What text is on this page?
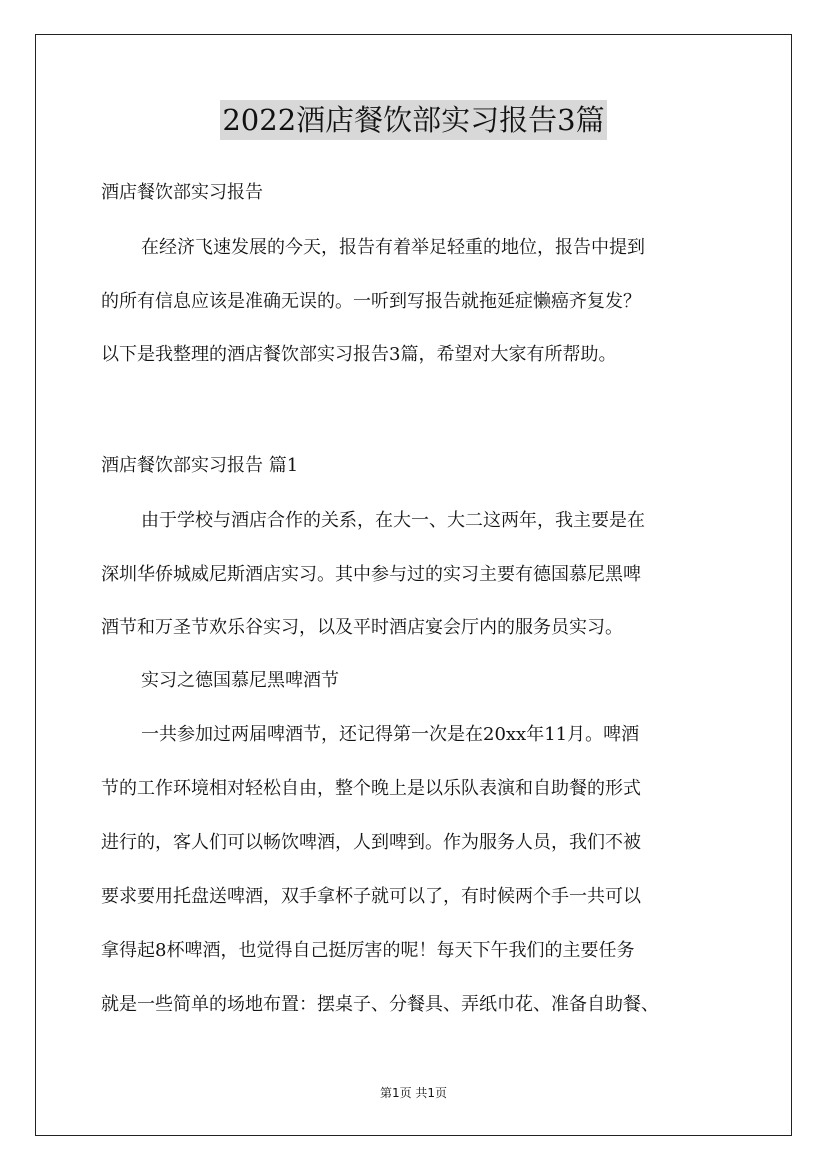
2022酒店餐饮部实习报告3篇
酒店餐饮部实习报告
在经济飞速发展的今天，报告有着举足轻重的地位，报告中提到
的所有信息应该是准确无误的。一听到写报告就拖延症懒癌齐复发？
以下是我整理的酒店餐饮部实习报告3篇，希望对大家有所帮助。
酒店餐饮部实习报告 篇1
由于学校与酒店合作的关系，在大一、大二这两年，我主要是在
深圳华侨城威尼斯酒店实习。其中参与过的实习主要有德国慕尼黑啤
酒节和万圣节欢乐谷实习，以及平时酒店宴会厅内的服务员实习。
实习之德国慕尼黑啤酒节
一共参加过两届啤酒节，还记得第一次是在20xx年11月。啤酒
节的工作环境相对轻松自由，整个晚上是以乐队表演和自助餐的形式
进行的，客人们可以畅饮啤酒，人到啤到。作为服务人员，我们不被
要求要用托盘送啤酒，双手拿杯子就可以了，有时候两个手一共可以
拿得起8杯啤酒，也觉得自己挺厉害的呢！每天下午我们的主要任务
就是一些简单的场地布置：摆桌子、分餐具、弄纸巾花、准备自助餐、
第1页 共1页
